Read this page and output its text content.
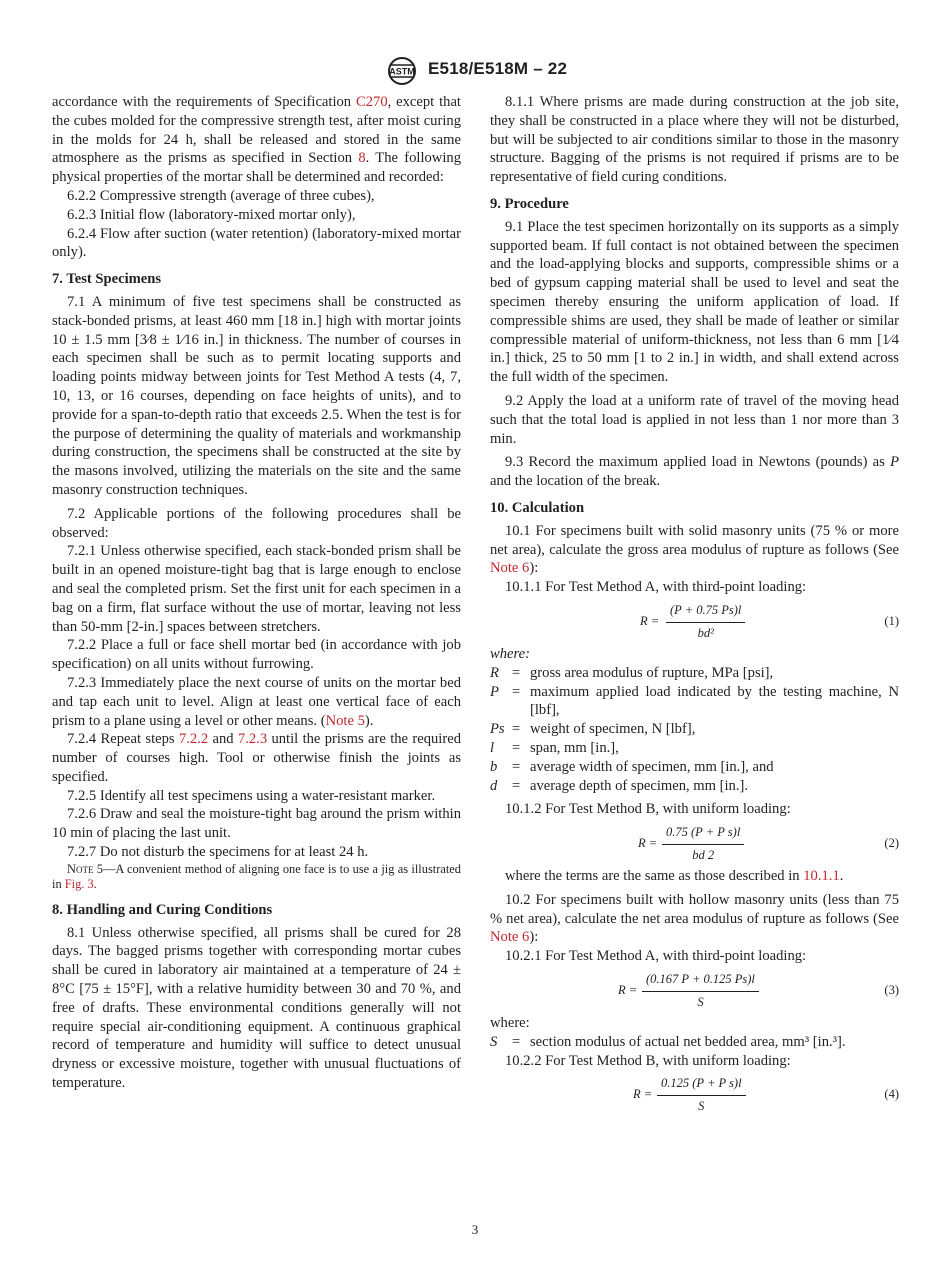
ASTM E518/E518M – 22

accordance with the requirements of Specification C270, except that the cubes molded for the compressive strength test, after moist curing in the molds for 24 h, shall be released and stored in the same atmosphere as the prisms as specified in Section 8. The following physical properties of the mortar shall be determined and recorded:

6.2.2 Compressive strength (average of three cubes),

6.2.3 Initial flow (laboratory-mixed mortar only),

6.2.4 Flow after suction (water retention) (laboratory-mixed mortar only).

7. Test Specimens

7.1 A minimum of five test specimens shall be constructed as stack-bonded prisms, at least 460 mm [18 in.] high with mortar joints 10 ± 1.5 mm [3⁄8 ± 1⁄16 in.] in thickness. The number of courses in each specimen shall be such as to permit locating supports and loading points midway between joints for Test Method A tests (4, 7, 10, 13, or 16 courses, depending on face heights of units), and to provide for a span-to-depth ratio that exceeds 2.5. When the test is for the purpose of determining the quality of materials and workmanship during construction, the specimens shall be constructed at the site by the masons involved, utilizing the materials on the site and the same masonry construction techniques.

7.2 Applicable portions of the following procedures shall be observed:

7.2.1 Unless otherwise specified, each stack-bonded prism shall be built in an opened moisture-tight bag that is large enough to enclose and seal the completed prism. Set the first unit for each specimen in a bag on a firm, flat surface without the use of mortar, leaving not less than 50-mm [2-in.] spaces between stretchers.

7.2.2 Place a full or face shell mortar bed (in accordance with job specification) on all units without furrowing.

7.2.3 Immediately place the next course of units on the mortar bed and tap each unit to level. Align at least one vertical face of each prism to a plane using a level or other means. (Note 5).

7.2.4 Repeat steps 7.2.2 and 7.2.3 until the prisms are the required number of courses high. Tool or otherwise finish the joints as specified.

7.2.5 Identify all test specimens using a water-resistant marker.

7.2.6 Draw and seal the moisture-tight bag around the prism within 10 min of placing the last unit.

7.2.7 Do not disturb the specimens for at least 24 h.

Note 5—A convenient method of aligning one face is to use a jig as illustrated in Fig. 3.

8. Handling and Curing Conditions

8.1 Unless otherwise specified, all prisms shall be cured for 28 days. The bagged prisms together with corresponding mortar cubes shall be cured in laboratory air maintained at a temperature of 24 ± 8°C [75 ± 15°F], with a relative humidity between 30 and 70 %, and free of drafts. These environmental conditions generally will not require special air-conditioning equipment. A continuous graphical record of temperature and humidity will suffice to detect unusual dryness or excessive moisture, together with unusual fluctuations of temperature.

8.1.1 Where prisms are made during construction at the job site, they shall be constructed in a place where they will not be disturbed, but will be subjected to air conditions similar to those in the masonry structure. Bagging of the prisms is not required if prisms are to be representative of field curing conditions.

9. Procedure

9.1 Place the test specimen horizontally on its supports as a simply supported beam. If full contact is not obtained between the specimen and the load-applying blocks and supports, compressible shims or a bed of gypsum capping material shall be used to level and seat the specimen thereby ensuring the uniform application of load. If compressible shims are used, they shall be made of leather or similar compressible material of uniform-thickness, not less than 6 mm [1⁄4 in.] thick, 25 to 50 mm [1 to 2 in.] in width, and shall extend across the full width of the specimen.

9.2 Apply the load at a uniform rate of travel of the moving head such that the total load is applied in not less than 1 nor more than 3 min.

9.3 Record the maximum applied load in Newtons (pounds) as P and the location of the break.

10. Calculation

10.1 For specimens built with solid masonry units (75 % or more net area), calculate the gross area modulus of rupture as follows (See Note 6):

10.1.1 For Test Method A, with third-point loading:

$R = \frac{(P + 0.75 Ps)l}{\text{bd²}}$	(1)

where:

R	=	gross area modulus of rupture, MPa [psi],
P	=	maximum applied load indicated by the testing machine, N [lbf],
Ps	=	weight of specimen, N [lbf],
l	=	span, mm [in.],
b	=	average width of specimen, mm [in.], and
d	=	average depth of specimen, mm [in.].

10.1.2 For Test Method B, with uniform loading:

$R = \frac{\text{0.75 (P + P s)l}}{bd 2}$	(2)

where the terms are the same as those described in 10.1.1.

10.2 For specimens built with hollow masonry units (less than 75 % net area), calculate the net area modulus of rupture as follows (See Note 6):

10.2.1 For Test Method A, with third-point loading:

$R = \frac{(0.167 P + 0.125 Ps)l}{S}$	(3)

where:

S	=	section modulus of actual net bedded area, mm³ [in.³].

10.2.2 For Test Method B, with uniform loading:

$R = \frac{\text{0.125 (P + P s)l}}{S}$	(4)
3
